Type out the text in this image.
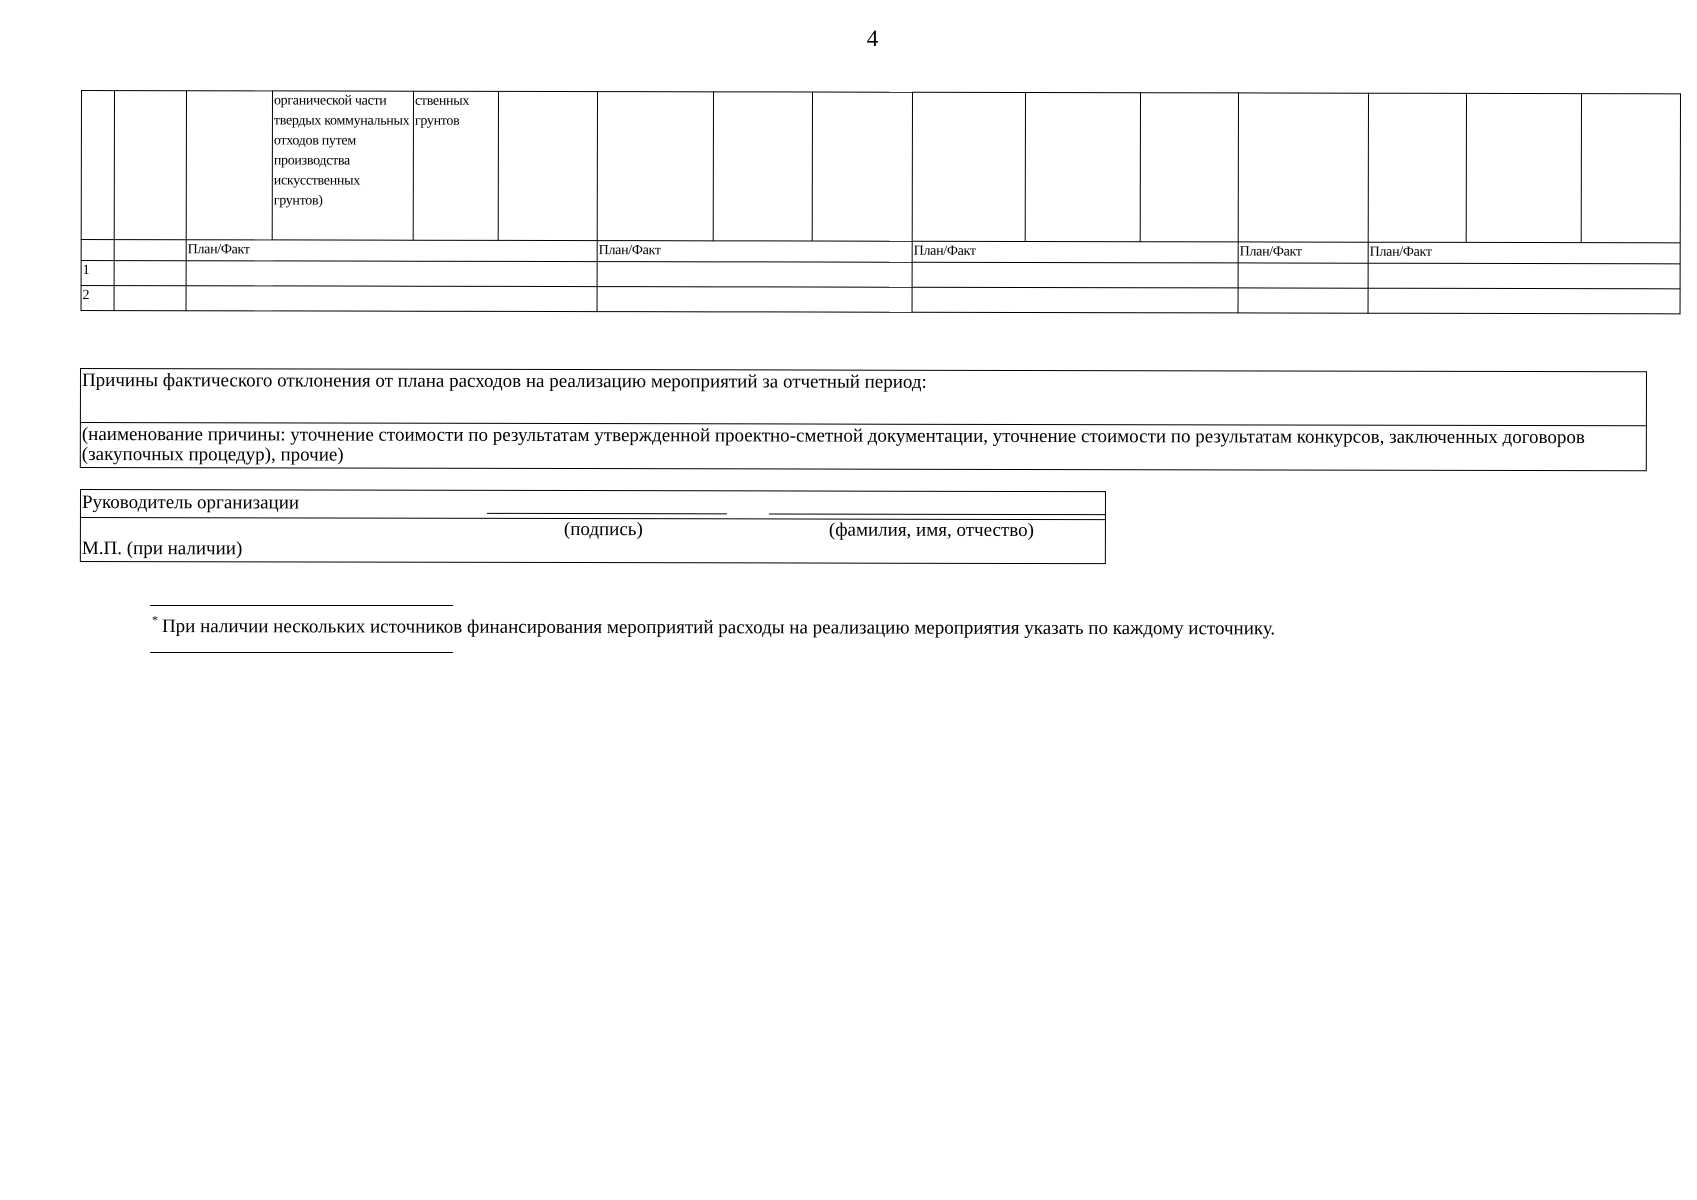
4

			органической части твердых коммунальных отходов путем производства искусственных грунтов)	ственных грунтов											

		План/Факт				План/Факт			План/Факт			План/Факт	План/Факт		
1															
2															
Причины фактического отклонения от плана расходов на реализацию мероприятий за отчетный период:
(наименование причины: уточнение стоимости по результатам утвержденной проектно-сметной документации, уточнение стоимости по результатам конкурсов, заключенных договоров (закупочных процедур), прочие)
Руководитель организации
(подпись)	(фамилия, имя, отчество)
М.П. (при наличии)
* При наличии нескольких источников финансирования мероприятий расходы на реализацию мероприятия указать по каждому источнику.
